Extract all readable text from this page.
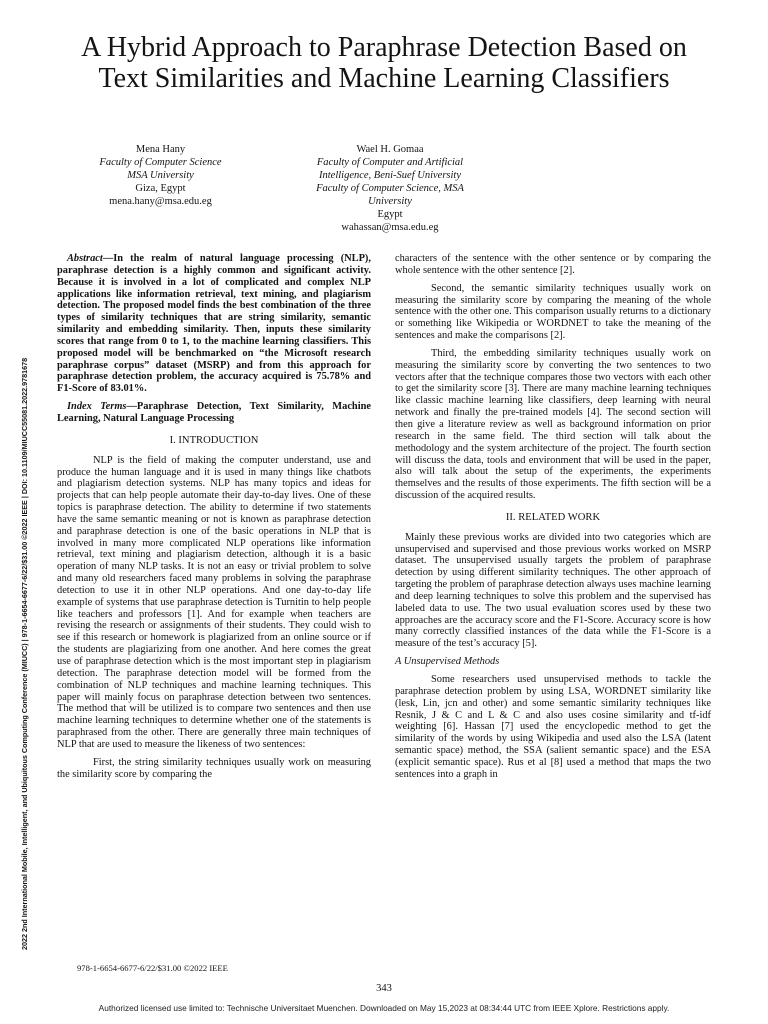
A Hybrid Approach to Paraphrase Detection Based on Text Similarities and Machine Learning Classifiers
Mena Hany
Faculty of Computer Science
MSA University
Giza, Egypt
mena.hany@msa.edu.eg
Wael H. Gomaa
Faculty of Computer and Artificial Intelligence, Beni-Suef University
Faculty of Computer Science, MSA University
Egypt
wahassan@msa.edu.eg
2022 2nd International Mobile, Intelligent, and Ubiquitous Computing Conference (MIUCC) | 978-1-6654-6677-6/22/$31.00 ©2022 IEEE | DOI: 10.1109/MIUCC55081.2022.9781678

Abstract—In the realm of natural language processing (NLP), paraphrase detection is a highly common and significant activity. Because it is involved in a lot of complicated and complex NLP applications like information retrieval, text mining, and plagiarism detection. The proposed model finds the best combination of the three types of similarity techniques that are string similarity, semantic similarity and embedding similarity. Then, inputs these similarity scores that range from 0 to 1, to the machine learning classifiers. This proposed model will be benchmarked on “the Microsoft research paraphrase corpus” dataset (MSRP) and from this approach for paraphrase detection problem, the accuracy acquired is 75.78% and F1-Score of 83.01%.

Index Terms—Paraphrase Detection, Text Similarity, Machine Learning, Natural Language Processing

I. INTRODUCTION

NLP is the field of making the computer understand, use and produce the human language and it is used in many things like chatbots and plagiarism detection systems. NLP has many topics and ideas for projects that can help people automate their day-to-day lives. One of these topics is paraphrase detection. The ability to determine if two statements have the same semantic meaning or not is known as paraphrase detection and paraphrase detection is one of the basic operations in NLP that is involved in many more complicated NLP operations like information retrieval, text mining and plagiarism detection, although it is a basic operation of many NLP tasks. It is not an easy or trivial problem to solve and many old researchers faced many problems in solving the paraphrase detection to use it in other NLP operations. And one day-to-day life example of systems that use paraphrase detection is Turnitin to help people like teachers and professors [1]. And for example when teachers are revising the research or assignments of their students. They could wish to see if this research or homework is plagiarized from an online source or if the students are plagiarizing from one another. And here comes the great use of paraphrase detection which is the most important step in plagiarism detection. The paraphrase detection model will be formed from the combination of NLP techniques and machine learning techniques. This paper will mainly focus on paraphrase detection between two sentences. The method that will be utilized is to compare two sentences and then use machine learning techniques to determine whether one of the statements is paraphrased from the other. There are generally three main techniques of NLP that are used to measure the likeness of two sentences:

First, the string similarity techniques usually work on measuring the similarity score by comparing the

characters of the sentence with the other sentence or by comparing the whole sentence with the other sentence [2].

Second, the semantic similarity techniques usually work on measuring the similarity score by comparing the meaning of the whole sentence with the other one. This comparison usually returns to a dictionary or something like Wikipedia or WORDNET to take the meaning of the sentences and make the comparisons [2].

Third, the embedding similarity techniques usually work on measuring the similarity score by converting the two sentences to two vectors after that the technique compares those two vectors with each other to get the similarity score [3]. There are many machine learning techniques like classic machine learning like classifiers, deep learning with neural network and finally the pre-trained models [4]. The second section will then give a literature review as well as background information on prior research in the same field. The third section will talk about the methodology and the system architecture of the project. The fourth section will discuss the data, tools and environment that will be used in the paper, also will talk about the setup of the experiments, the experiments themselves and the results of those experiments. The fifth section will be a discussion of the acquired results.

II. RELATED WORK

Mainly these previous works are divided into two categories which are unsupervised and supervised and those previous works worked on MSRP dataset. The unsupervised usually targets the problem of paraphrase detection by using different similarity techniques. The other approach of targeting the problem of paraphrase detection always uses machine learning and deep learning techniques to solve this problem and the supervised has labeled data to use. The two usual evaluation scores used by these two approaches are the accuracy score and the F1-Score. Accuracy score is how many correctly classified instances of the data while the F1-Score is a measure of the test’s accuracy [5].

A Unsupervised Methods

Some researchers used unsupervised methods to tackle the paraphrase detection problem by using LSA, WORDNET similarity like (lesk, Lin, jcn and other) and some semantic similarity techniques like Resnik, J & C and L & C and also uses cosine similarity and tf-idf weighting [6]. Hassan [7] used the encyclopedic method to get the similarity of the words by using Wikipedia and used also the LSA (latent semantic space) method, the SSA (salient semantic space) and the ESA (explicit semantic space). Rus et al [8] used a method that maps the two sentences into a graph in

978-1-6654-6677-6/22/$31.00 ©2022 IEEE
343
Authorized licensed use limited to: Technische Universitaet Muenchen. Downloaded on May 15,2023 at 08:34:44 UTC from IEEE Xplore. Restrictions apply.
